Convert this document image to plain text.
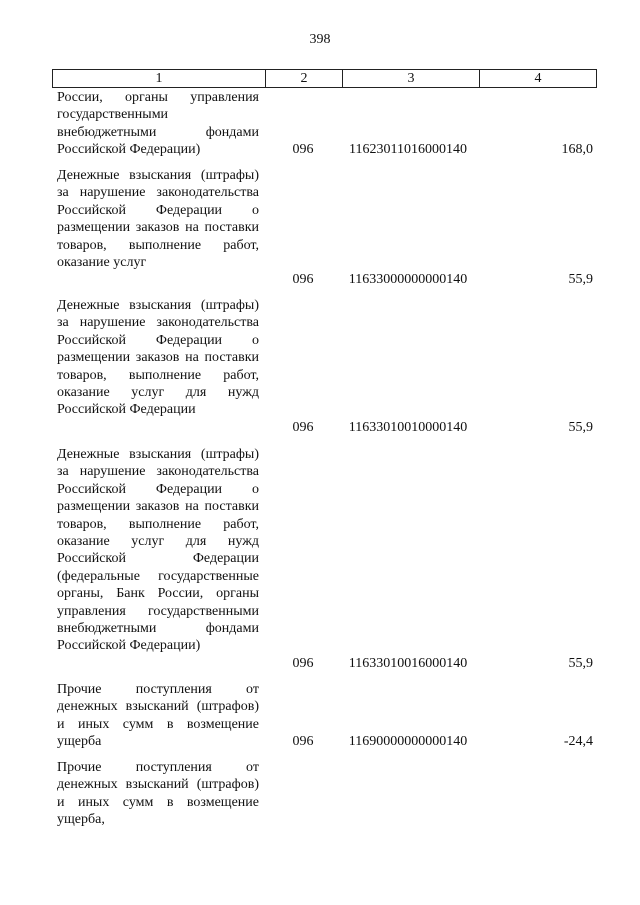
398
1	2	3	4
России, органы управления государственными внебюджетными фондами Российской Федерации)	096	11623011016000140	168,0
Денежные взыскания (штрафы) за нарушение законодательства Российской Федерации о размещении заказов на поставки товаров, выполнение работ, оказание услуг
096	11633000000000140	55,9
Денежные взыскания (штрафы) за нарушение законодательства Российской Федерации о размещении заказов на поставки товаров, выполнение работ, оказание услуг для нужд Российской Федерации
096	11633010010000140	55,9
Денежные взыскания (штрафы) за нарушение законодательства Российской Федерации о размещении заказов на поставки товаров, выполнение работ, оказание услуг для нужд Российской Федерации (федеральные государственные органы, Банк России, органы управления государственными внебюджетными фондами Российской Федерации)
096	11633010016000140	55,9
Прочие поступления от денежных взысканий (штрафов) и иных сумм в возмещение ущерба	096	11690000000000140	-24,4
Прочие поступления от денежных взысканий (штрафов) и иных сумм в возмещение ущерба,
